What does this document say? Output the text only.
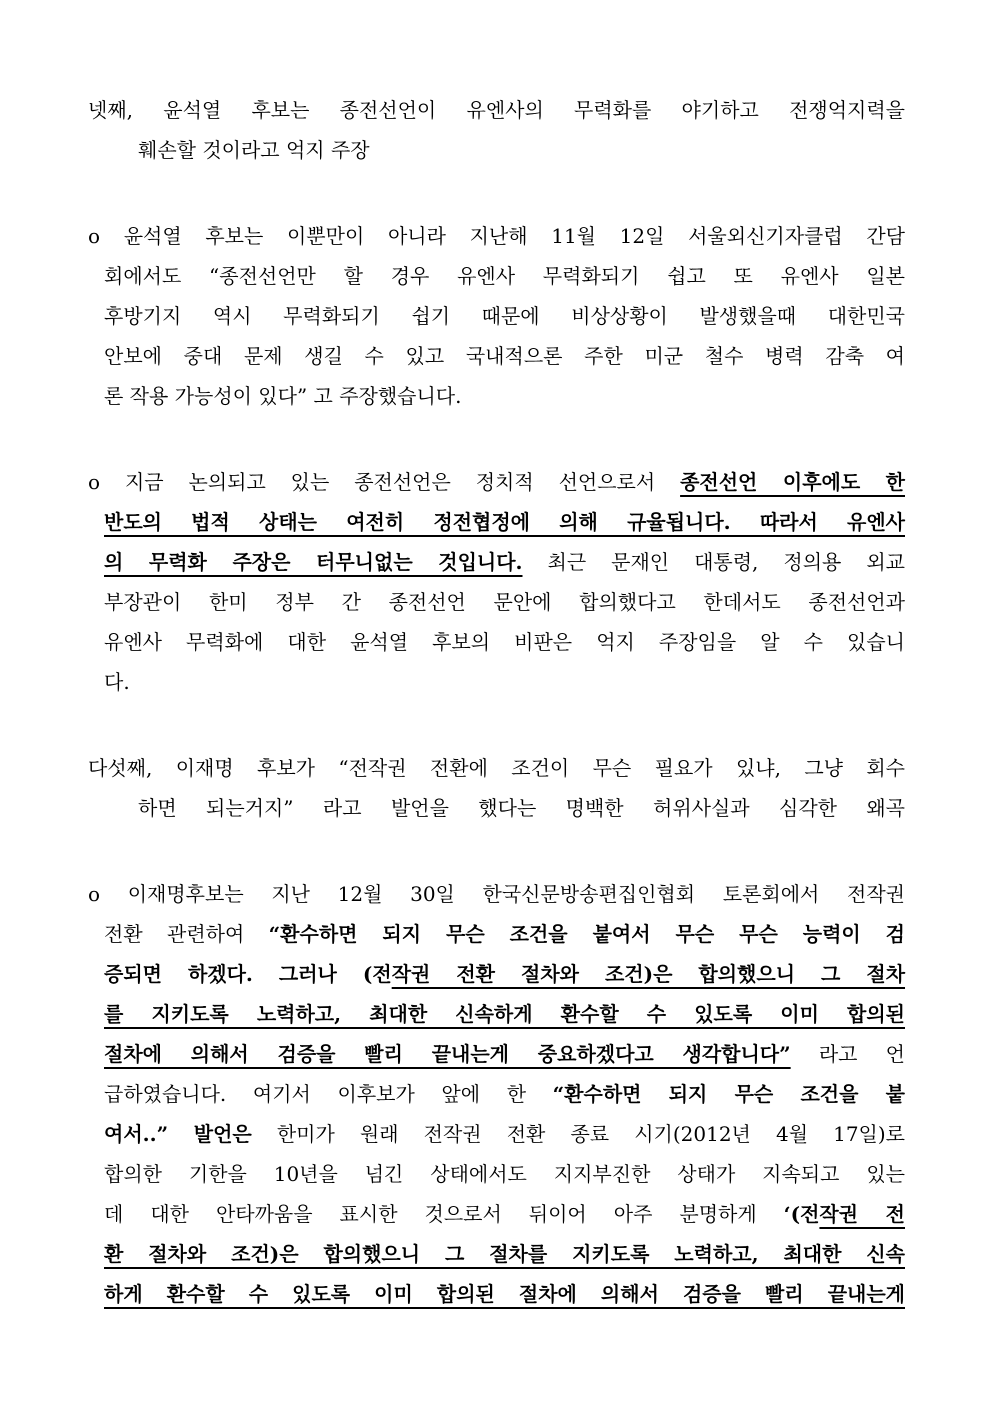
넷째, 윤석열 후보는 종전선언이 유엔사의 무력화를 야기하고 전쟁억지력을
훼손할 것이라고 억지 주장
o 윤석열 후보는 이뿐만이 아니라 지난해 11월 12일 서울외신기자클럽 간담
회에서도 “종전선언만 할 경우 유엔사 무력화되기 쉽고 또 유엔사 일본
후방기지 역시 무력화되기 쉽기 때문에 비상상황이 발생했을때 대한민국
안보에 중대 문제 생길 수 있고 국내적으론 주한 미군 철수 병력 감축 여
론 작용 가능성이 있다” 고 주장했습니다.
o 지금 논의되고 있는 종전선언은 정치적 선언으로서 종전선언 이후에도 한
반도의 법적 상태는 여전히 정전협정에 의해 규율됩니다. 따라서 유엔사
의 무력화 주장은 터무니없는 것입니다. 최근 문재인 대통령, 정의용 외교
부장관이 한미 정부 간 종전선언 문안에 합의했다고 한데서도 종전선언과
유엔사 무력화에 대한 윤석열 후보의 비판은 억지 주장임을 알 수 있습니
다.
다섯째, 이재명 후보가 “전작권 전환에 조건이 무슨 필요가 있냐, 그냥 회수
하면 되는거지” 라고 발언을 했다는 명백한 허위사실과 심각한 왜곡
o 이재명후보는 지난 12월 30일 한국신문방송편집인협회 토론회에서 전작권
전환 관련하여 “환수하면 되지 무슨 조건을 붙여서 무슨 무슨 능력이 검
증되면 하겠다. 그러나 (전작권 전환 절차와 조건)은 합의했으니 그 절차
를 지키도록 노력하고, 최대한 신속하게 환수할 수 있도록 이미 합의된
절차에 의해서 검증을 빨리 끝내는게 중요하겠다고 생각합니다” 라고 언
급하였습니다. 여기서 이후보가 앞에 한 “환수하면 되지 무슨 조건을 붙
여서..” 발언은 한미가 원래 전작권 전환 종료 시기(2012년 4월 17일)로
합의한 기한을 10년을 넘긴 상태에서도 지지부진한 상태가 지속되고 있는
데 대한 안타까움을 표시한 것으로서 뒤이어 아주 분명하게 ‘(전작권 전
환 절차와 조건)은 합의했으니 그 절차를 지키도록 노력하고, 최대한 신속
하게 환수할 수 있도록 이미 합의된 절차에 의해서 검증을 빨리 끝내는게
